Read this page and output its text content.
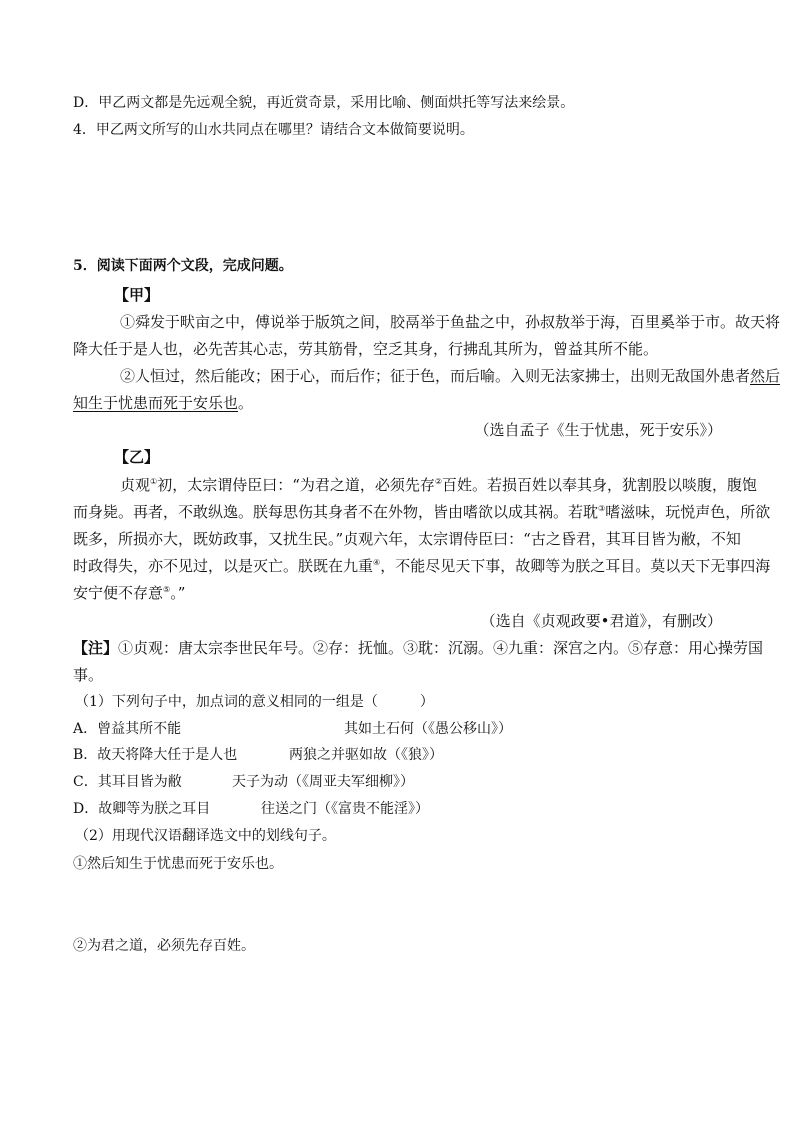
D．甲乙两文都是先远观全貌，再近赏奇景，采用比喻、侧面烘托等写法来绘景。
4．甲乙两文所写的山水共同点在哪里？请结合文本做简要说明。
5．阅读下面两个文段，完成问题。
【甲】
①舜发于畎亩之中，傅说举于版筑之间，胶鬲举于鱼盐之中，孙叔敖举于海，百里奚举于市。故天将
降大任于是人也，必先苦其心志，劳其筋骨，空乏其身，行拂乱其所为，曾益其所不能。
②人恒过，然后能改；困于心，而后作；征于色，而后喻。入则无法家拂士，出则无敌国外患者然后
知生于忧患而死于安乐也。
（选自孟子《生于忧患，死于安乐》）
【乙】
贞观①初，太宗谓侍臣曰：“为君之道，必须先存②百姓。若损百姓以奉其身，犹割股以啖腹，腹饱
而身毙。再者，不敢纵逸。朕每思伤其身者不在外物，皆由嗜欲以成其祸。若耽③嗜滋味，玩悦声色，所欲
既多，所损亦大，既妨政事，又扰生民。”贞观六年，太宗谓侍臣曰：“古之昏君，其耳目皆为敝，不知
时政得失，亦不见过，以是灭亡。朕既在九重④，不能尽见天下事，故卿等为朕之耳目。莫以天下无事四海
安宁便不存意⑤。”
（选自《贞观政要•君道》，有删改）
【注】①贞观：唐太宗李世民年号。②存：抚恤。③耽：沉溺。④九重：深宫之内。⑤存意：用心操劳国
事。
（1）下列句子中，加点词的意义相同的一组是（　　　）
A．曾益其所不能	其如土石何（《愚公移山》）
B．故天将降大任于是人也	两狼之并驱如故（《狼》）
C．其耳目皆为敝	天子为动（《周亚夫军细柳》）
D．故卿等为朕之耳目	往送之门（《富贵不能淫》）
（2）用现代汉语翻译选文中的划线句子。
①然后知生于忧患而死于安乐也。
②为君之道，必须先存百姓。
